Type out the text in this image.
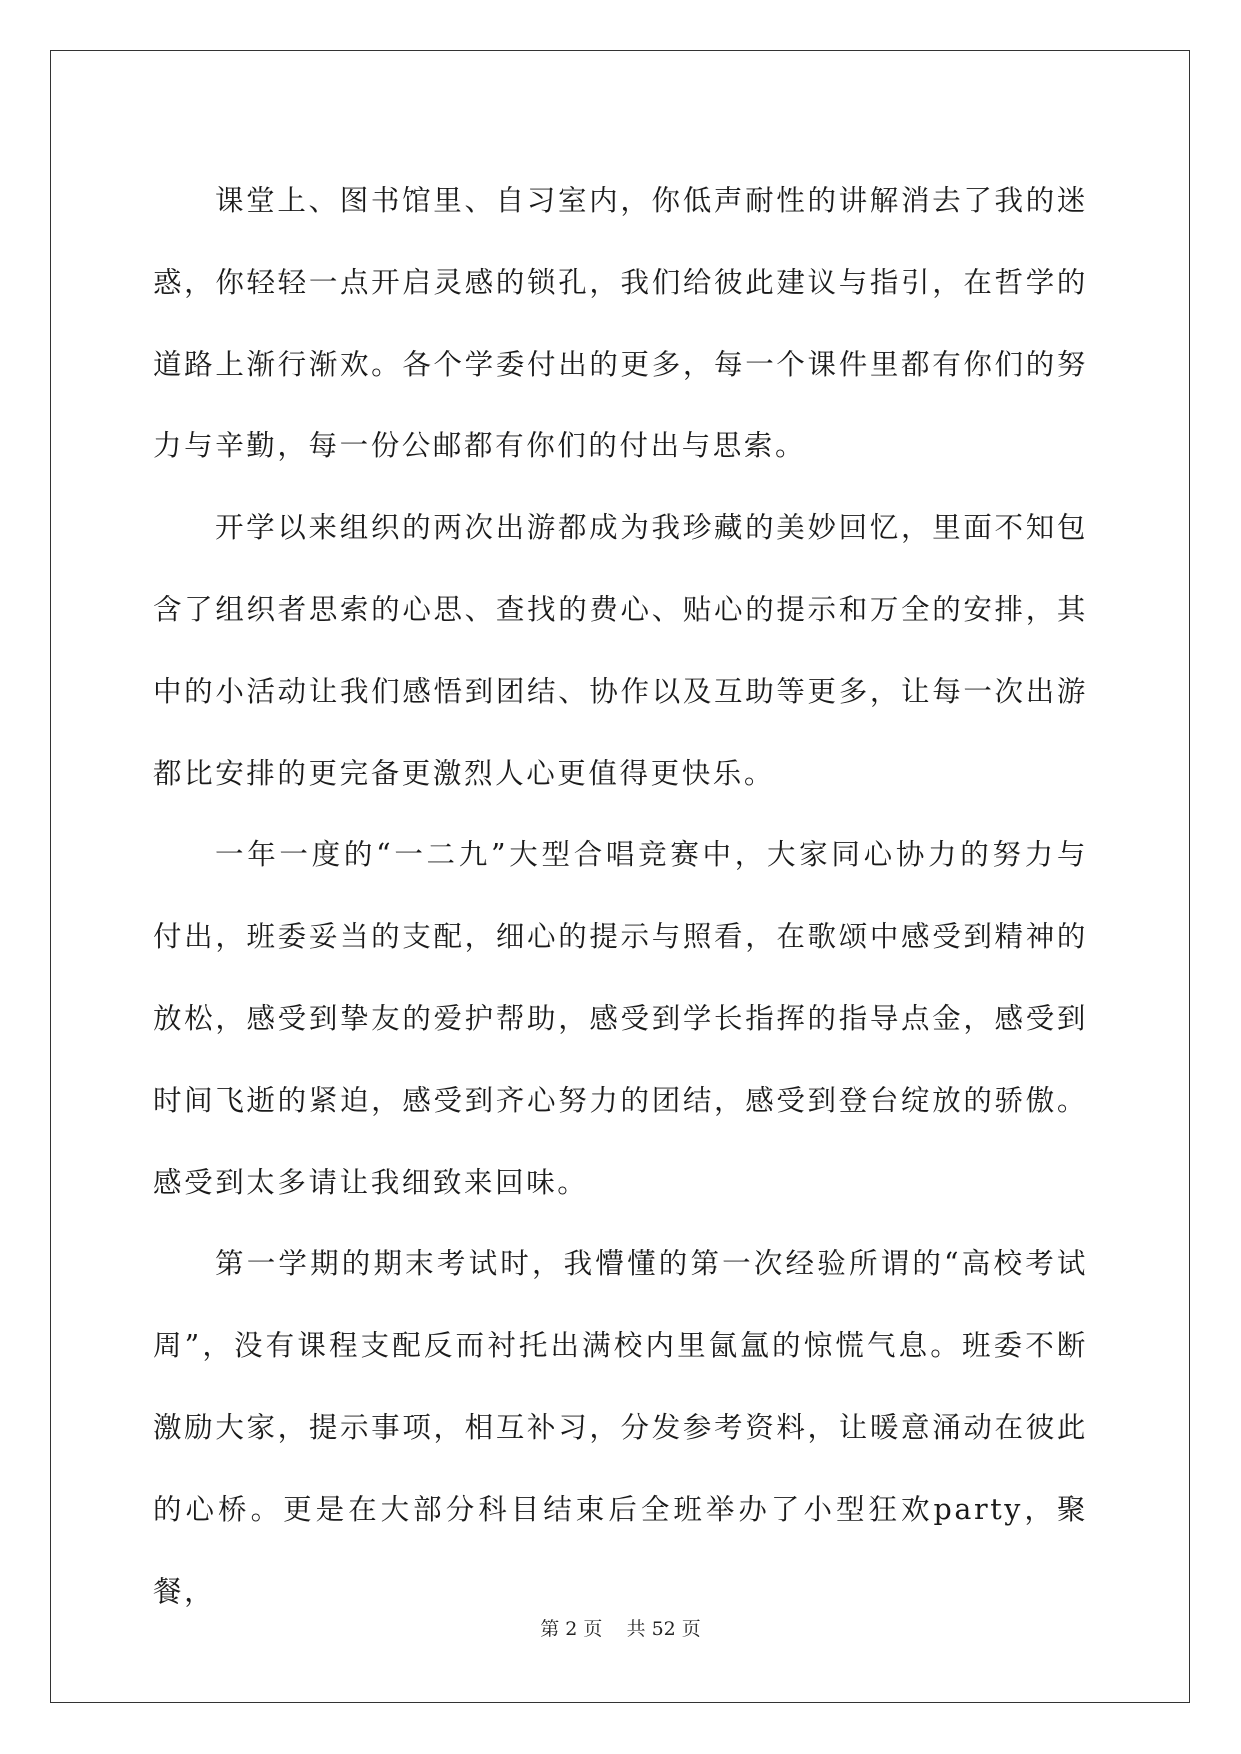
课堂上、图书馆里、自习室内，你低声耐性的讲解消去了我的迷惑，你轻轻一点开启灵感的锁孔，我们给彼此建议与指引，在哲学的道路上渐行渐欢。各个学委付出的更多，每一个课件里都有你们的努力与辛勤，每一份公邮都有你们的付出与思索。

开学以来组织的两次出游都成为我珍藏的美妙回忆，里面不知包含了组织者思索的心思、查找的费心、贴心的提示和万全的安排，其中的小活动让我们感悟到团结、协作以及互助等更多，让每一次出游都比安排的更完备更激烈人心更值得更快乐。

一年一度的“一二九”大型合唱竞赛中，大家同心协力的努力与付出，班委妥当的支配，细心的提示与照看，在歌颂中感受到精神的放松，感受到挚友的爱护帮助，感受到学长指挥的指导点金，感受到时间飞逝的紧迫，感受到齐心努力的团结，感受到登台绽放的骄傲。感受到太多请让我细致来回味。

第一学期的期末考试时，我懵懂的第一次经验所谓的“高校考试周”，没有课程支配反而衬托出满校内里氤氲的惊慌气息。班委不断激励大家，提示事项，相互补习，分发参考资料，让暖意涌动在彼此的心桥。更是在大部分科目结束后全班举办了小型狂欢party，聚餐，

第 2 页    共 52 页
